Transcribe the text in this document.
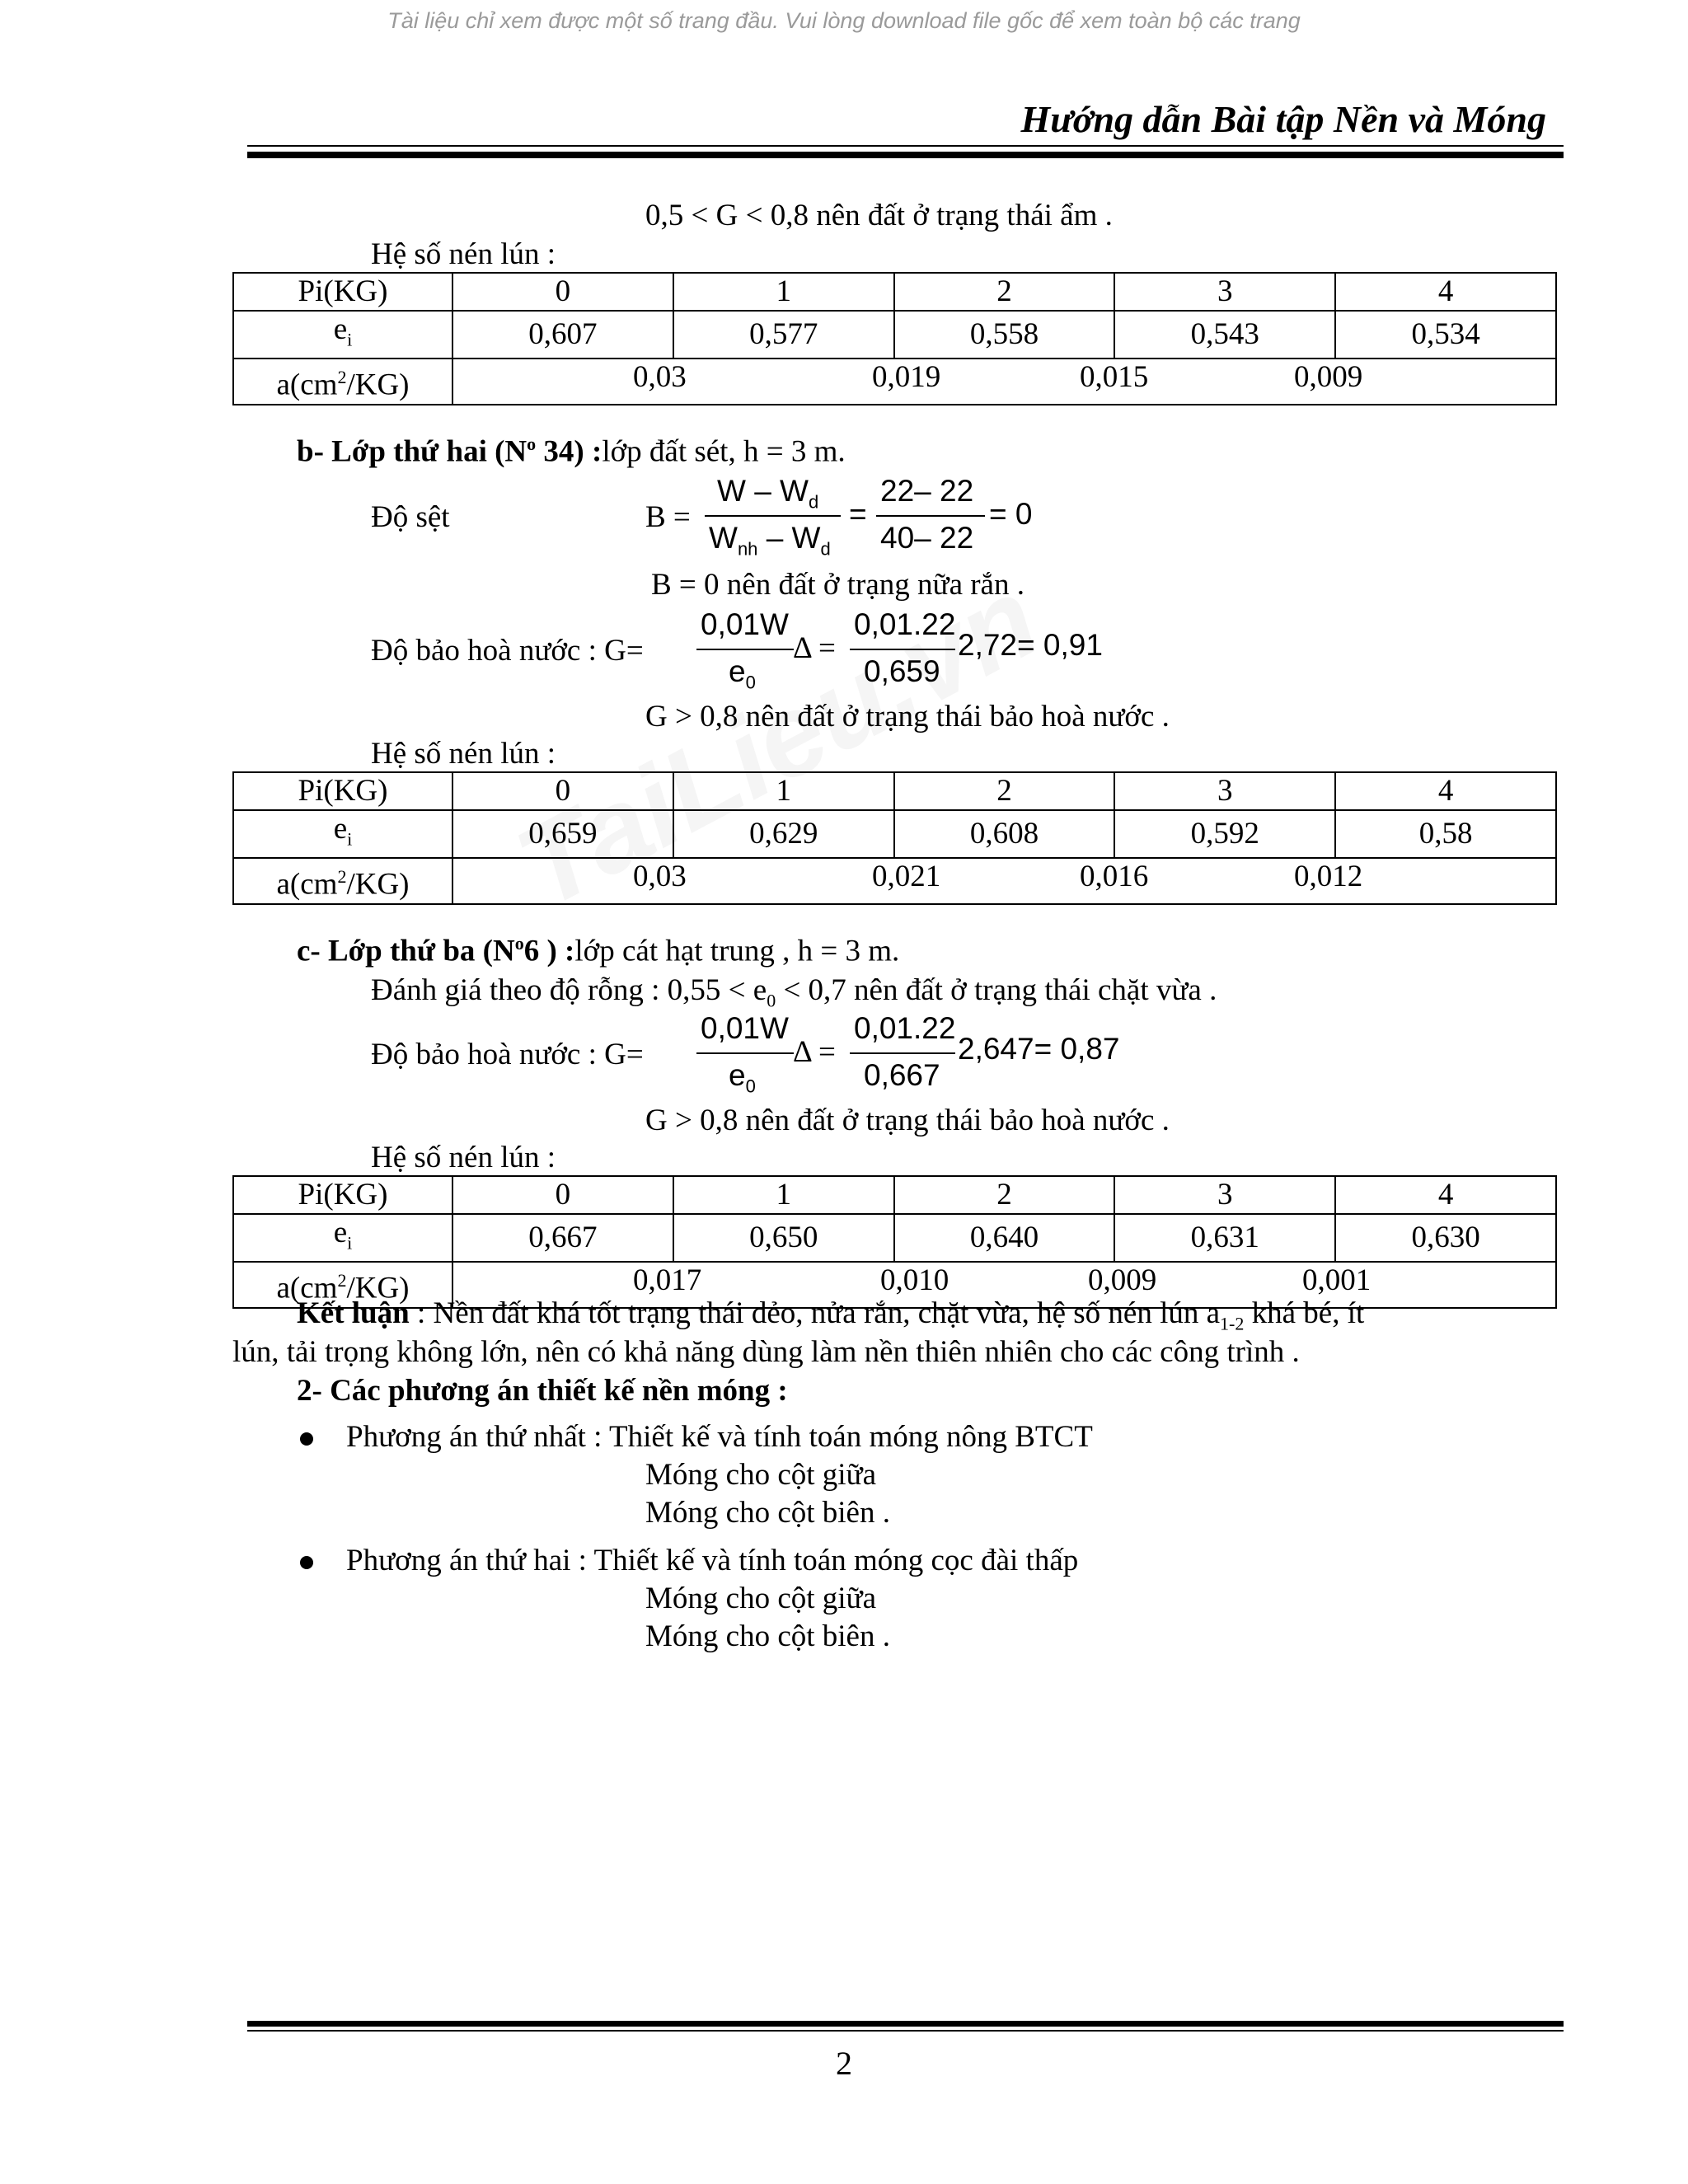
Tài liệu chỉ xem được một số trang đầu. Vui lòng download file gốc để xem toàn bộ các trang
Hướng dẫn Bài tập Nền và Móng
0,5 < G < 0,8 nên đất ở trạng thái ẩm .
Hệ số nén lún :
Pi(KG)	0	1	2	3	4
$e_i$	0,607	0,577	0,558	0,543	0,534
$a(cm^2/KG)$	0,03 0,019 0,015 0,009				
b- Lớp thứ hai ($N^o$ 34) :lớp đất sét, h = 3 m.
Độ sệt	B =
W – $W_d$
$W_{nh} - W_d$
=
22– 22
40– 22
= 0
B = 0 nên đất ở trạng nữa rắn .
Độ bảo hoà nước : G=
0,01W
$e_0$
Δ =
0,01.22
0,659
2,72= 0,91
G > 0,8 nên đất ở trạng thái bảo hoà nước .
Hệ số nén lún :
Pi(KG)	0	1	2	3	4
$e_i$	0,659	0,629	0,608	0,592	0,58
$a(cm^2/KG)$	0,03 0,021 0,016 0,012				
c- Lớp thứ ba ($N^o6$ ) :lớp cát hạt trung , h = 3 m.
Đánh giá theo độ rỗng : $0,55 < e_0 < 0,7$ nên đất ở trạng thái chặt vừa .
Độ bảo hoà nước : G=
0,01W
$e_0$
Δ =
0,01.22
0,667
2,647= 0,87
G > 0,8 nên đất ở trạng thái bảo hoà nước .
Hệ số nén lún :
Pi(KG)	0	1	2	3	4
$e_i$	0,667	0,650	0,640	0,631	0,630
$a(cm^2/KG)$	0,017 0,010 0,009 0,001				
Kết luận : Nền đất khá tốt trạng thái dẻo, nửa rắn, chặt vừa, hệ số nén lún $a_{1-2}$ khá bé, ít
lún, tải trọng không lớn, nên có khả năng dùng làm nền thiên nhiên cho các công trình .
2- Các phương án thiết kế nền móng :
Phương án thứ nhất : Thiết kế và tính toán móng nông BTCT
Móng cho cột giữa
Móng cho cột biên .
Phương án thứ hai : Thiết kế và tính toán móng cọc đài thấp
Móng cho cột giữa
Móng cho cột biên .
2
